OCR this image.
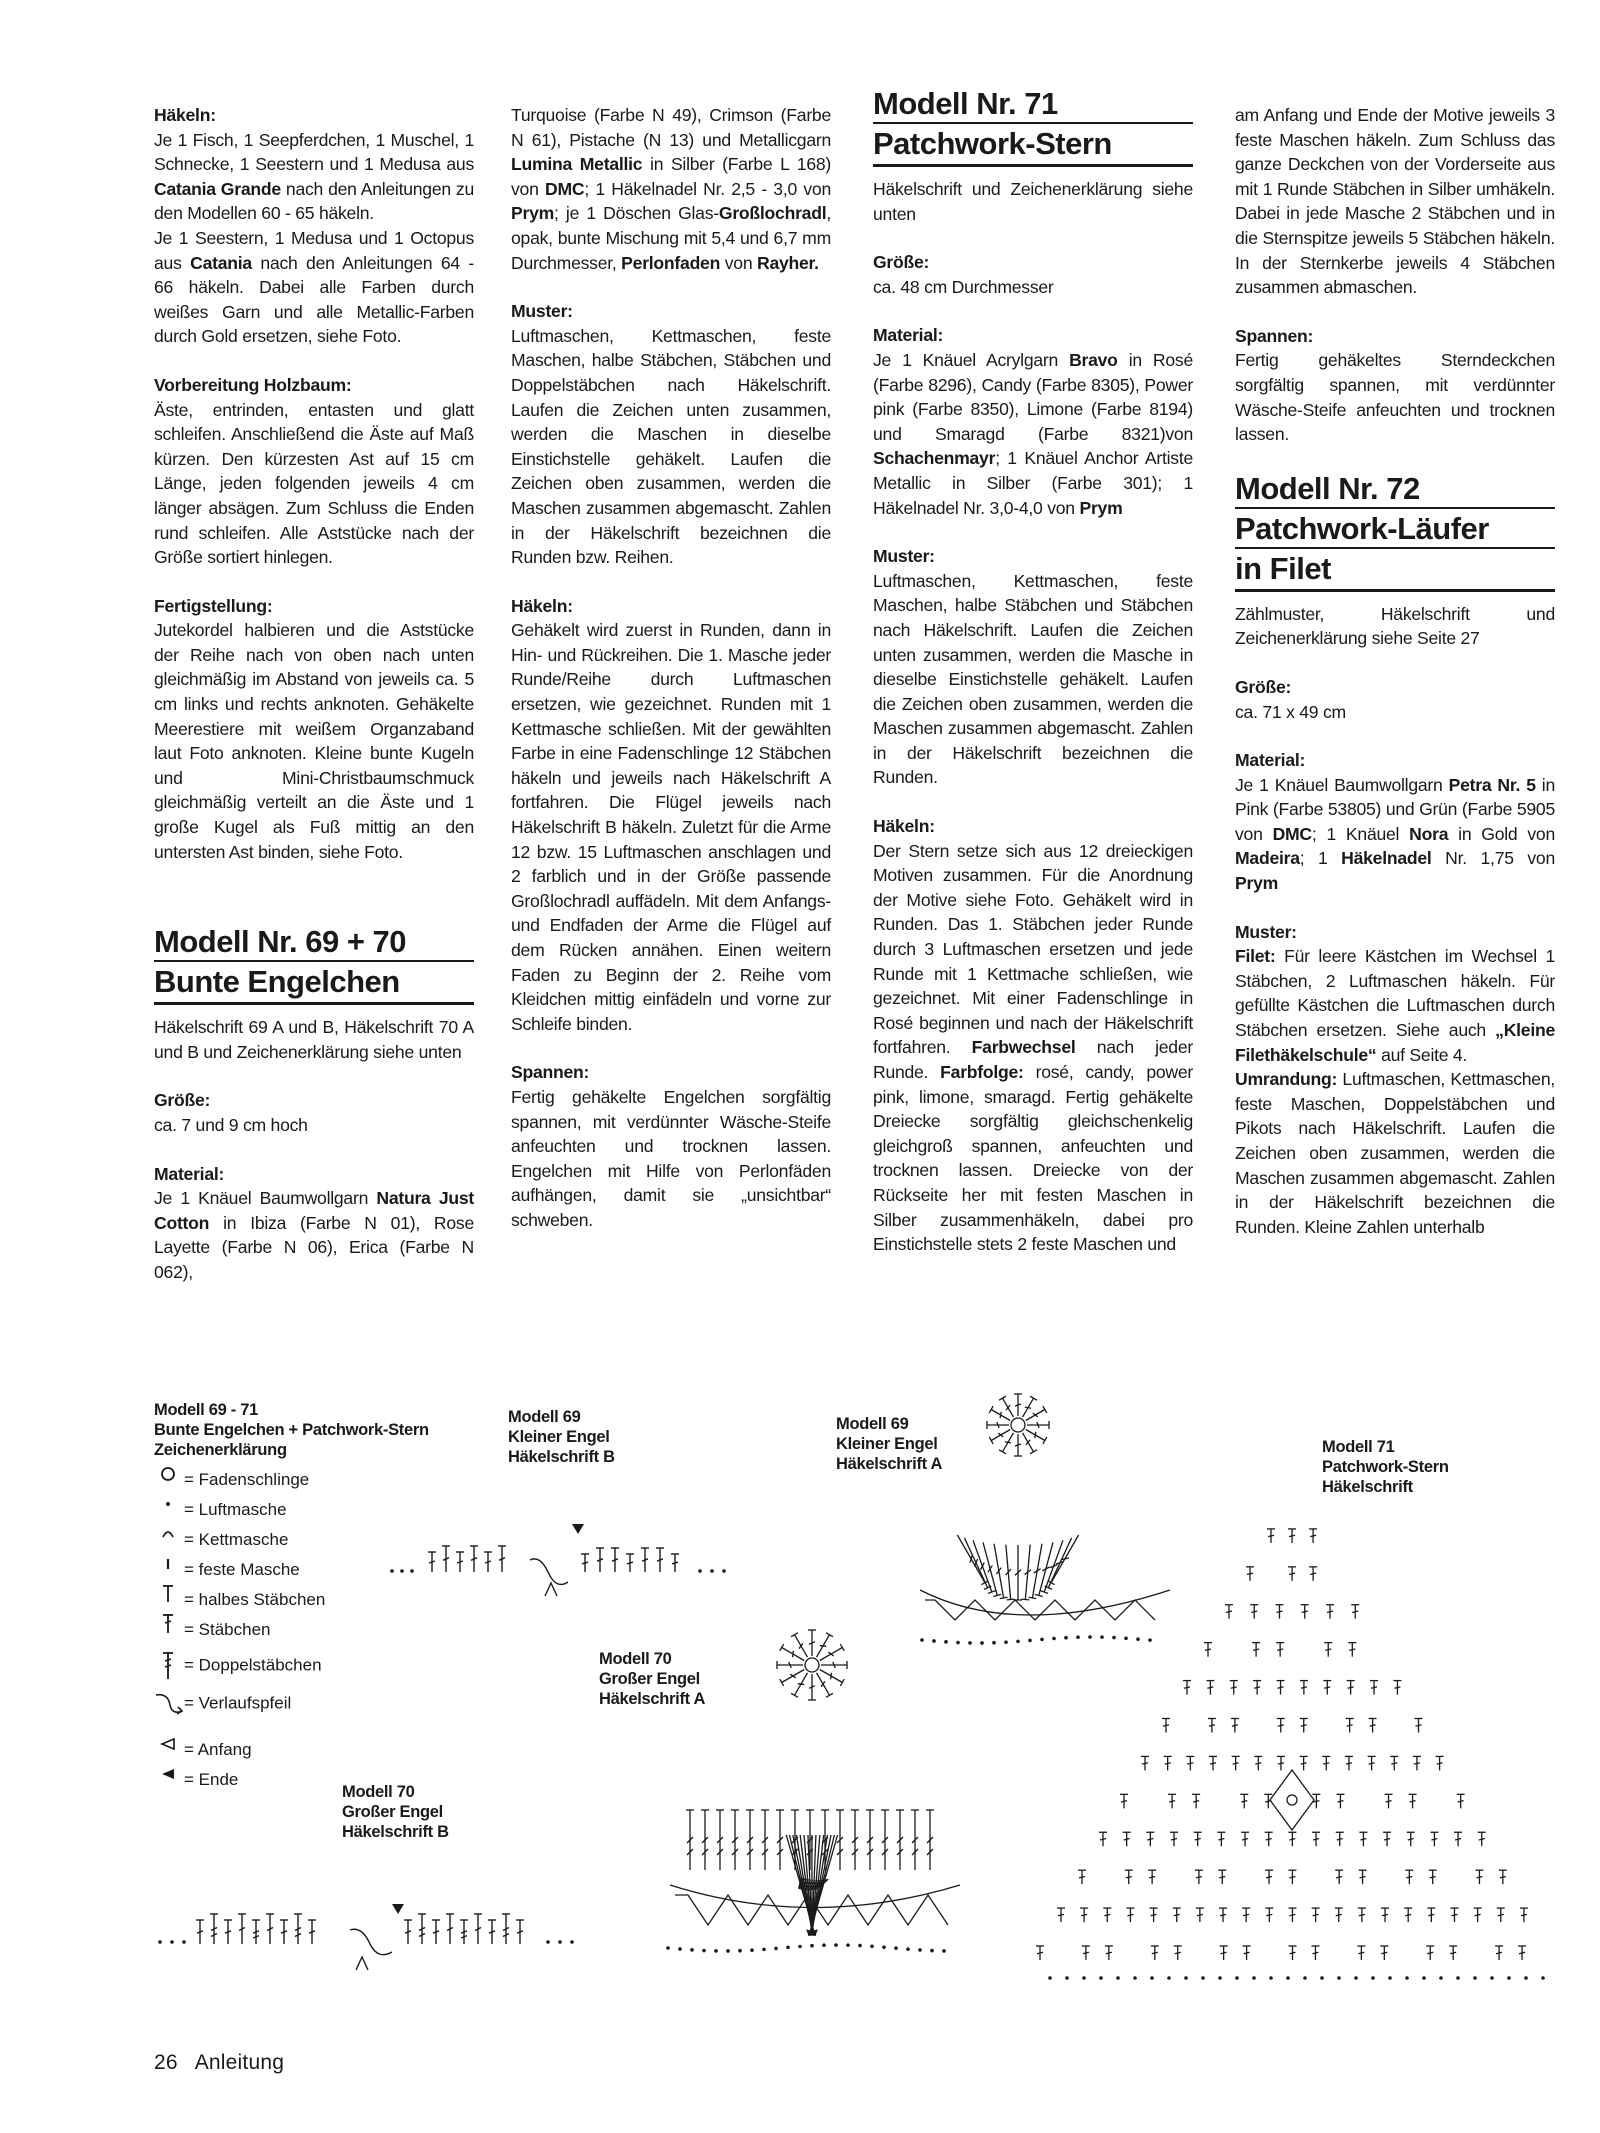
Häkeln:
Je 1 Fisch, 1 Seepferdchen, 1 Muschel, 1 Schnecke, 1 Seestern und 1 Medusa aus Catania Grande nach den Anleitungen zu den Modellen 60 - 65 häkeln.
Je 1 Seestern, 1 Medusa und 1 Octopus aus Catania nach den Anleitungen 64 - 66 häkeln. Dabei alle Farben durch weißes Garn und alle Metallic-Farben durch Gold ersetzen, siehe Foto.

Vorbereitung Holzbaum:
Äste, entrinden, entasten und glatt schleifen. Anschließend die Äste auf Maß kürzen. Den kürzesten Ast auf 15 cm Länge, jeden folgenden jeweils 4 cm länger absägen. Zum Schluss die Enden rund schleifen. Alle Aststücke nach der Größe sortiert hinlegen.

Fertigstellung:
Jutekordel halbieren und die Aststücke der Reihe nach von oben nach unten gleichmäßig im Abstand von jeweils ca. 5 cm links und rechts anknoten. Gehäkelte Meerestiere mit weißem Organzaband laut Foto anknoten. Kleine bunte Kugeln und Mini-Christbaumschmuck gleichmäßig verteilt an die Äste und 1 große Kugel als Fuß mittig an den untersten Ast binden, siehe Foto.

Modell Nr. 69 + 70
Bunte Engelchen

Häkelschrift 69 A und B, Häkelschrift 70 A und B und Zeichenerklärung siehe unten

Größe:
ca. 7 und 9 cm hoch

Material:
Je 1 Knäuel Baumwollgarn Natura Just Cotton in Ibiza (Farbe N 01), Rose Layette (Farbe N 06), Erica (Farbe N 062),

Turquoise (Farbe N 49), Crimson (Farbe N 61), Pistache (N 13) und Metallicgarn Lumina Metallic in Silber (Farbe L 168) von DMC; 1 Häkelnadel Nr. 2,5 - 3,0 von Prym; je 1 Döschen Glas-Großlochradl, opak, bunte Mischung mit 5,4 und 6,7 mm Durchmesser, Perlonfaden von Rayher.

Muster:
Luftmaschen, Kettmaschen, feste Maschen, halbe Stäbchen, Stäbchen und Doppelstäbchen nach Häkelschrift. Laufen die Zeichen unten zusammen, werden die Maschen in dieselbe Einstichstelle gehäkelt. Laufen die Zeichen oben zusammen, werden die Maschen zusammen abgemascht. Zahlen in der Häkelschrift bezeichnen die Runden bzw. Reihen.

Häkeln:
Gehäkelt wird zuerst in Runden, dann in Hin- und Rückreihen. Die 1. Masche jeder Runde/Reihe durch Luftmaschen ersetzen, wie gezeichnet. Runden mit 1 Kettmasche schließen. Mit der gewählten Farbe in eine Fadenschlinge 12 Stäbchen häkeln und jeweils nach Häkelschrift A fortfahren. Die Flügel jeweils nach Häkelschrift B häkeln. Zuletzt für die Arme 12 bzw. 15 Luftmaschen anschlagen und 2 farblich und in der Größe passende Großlochradl auffädeln. Mit dem Anfangs- und Endfaden der Arme die Flügel auf dem Rücken annähen. Einen weitern Faden zu Beginn der 2. Reihe vom Kleidchen mittig einfädeln und vorne zur Schleife binden.

Spannen:
Fertig gehäkelte Engelchen sorgfältig spannen, mit verdünnter Wäsche-Steife anfeuchten und trocknen lassen. Engelchen mit Hilfe von Perlonfäden aufhängen, damit sie „unsichtbar“ schweben.

Modell Nr. 71
Patchwork-Stern

Häkelschrift und Zeichenerklärung siehe unten

Größe:
ca. 48 cm Durchmesser

Material:
Je 1 Knäuel Acrylgarn Bravo in Rosé (Farbe 8296), Candy (Farbe 8305), Power pink (Farbe 8350), Limone (Farbe 8194) und Smaragd (Farbe 8321)von Schachenmayr; 1 Knäuel Anchor Artiste Metallic in Silber (Farbe 301); 1 Häkelnadel Nr. 3,0-4,0 von Prym

Muster:
Luftmaschen, Kettmaschen, feste Maschen, halbe Stäbchen und Stäbchen nach Häkelschrift. Laufen die Zeichen unten zusammen, werden die Masche in dieselbe Einstichstelle gehäkelt. Laufen die Zeichen oben zusammen, werden die Maschen zusammen abgemascht. Zahlen in der Häkelschrift bezeichnen die Runden.

Häkeln:
Der Stern setze sich aus 12 dreieckigen Motiven zusammen. Für die Anordnung der Motive siehe Foto. Gehäkelt wird in Runden. Das 1. Stäbchen jeder Runde durch 3 Luftmaschen ersetzen und jede Runde mit 1 Kettmache schließen, wie gezeichnet. Mit einer Fadenschlinge in Rosé beginnen und nach der Häkelschrift fortfahren. Farbwechsel nach jeder Runde. Farbfolge: rosé, candy, power pink, limone, smaragd. Fertig gehäkelte Dreiecke sorgfältig gleichschenkelig gleichgroß spannen, anfeuchten und trocknen lassen. Dreiecke von der Rückseite her mit festen Maschen in Silber zusammenhäkeln, dabei pro Einstichstelle stets 2 feste Maschen und

am Anfang und Ende der Motive jeweils 3 feste Maschen häkeln. Zum Schluss das ganze Deckchen von der Vorderseite aus mit 1 Runde Stäbchen in Silber umhäkeln. Dabei in jede Masche 2 Stäbchen und in die Sternspitze jeweils 5 Stäbchen häkeln. In der Sternkerbe jeweils 4 Stäbchen zusammen abmaschen.

Spannen:
Fertig gehäkeltes Sterndeckchen sorgfältig spannen, mit verdünnter Wäsche-Steife anfeuchten und trocknen lassen.

Modell Nr. 72
Patchwork-Läufer
in Filet

Zählmuster, Häkelschrift und Zeichenerklärung siehe Seite 27

Größe:
ca. 71 x 49 cm

Material:
Je 1 Knäuel Baumwollgarn Petra Nr. 5 in Pink (Farbe 53805) und Grün (Farbe 5905 von DMC; 1 Knäuel Nora in Gold von Madeira; 1 Häkelnadel Nr. 1,75 von Prym

Muster:
Filet: Für leere Kästchen im Wechsel 1 Stäbchen, 2 Luftmaschen häkeln. Für gefüllte Kästchen die Luftmaschen durch Stäbchen ersetzen. Siehe auch „Kleine Filethäkelschule“ auf Seite 4.
Umrandung: Luftmaschen, Kettmaschen, feste Maschen, Doppelstäbchen und Pikots nach Häkelschrift. Laufen die Zeichen oben zusammen, werden die Maschen zusammen abgemascht. Zahlen in der Häkelschrift bezeichnen die Runden. Kleine Zahlen unterhalb

Modell 69 - 71
Bunte Engelchen + Patchwork-Stern
Zeichenerklärung
= Fadenschlinge
= Luftmasche
= Kettmasche
= feste Masche
= halbes Stäbchen
= Stäbchen
= Doppelstäbchen
= Verlaufspfeil
= Anfang
= Ende
Modell 69
Kleiner Engel
Häkelschrift B
Modell 69
Kleiner Engel
Häkelschrift A
Modell 71
Patchwork-Stern
Häkelschrift
Modell 70
Großer Engel
Häkelschrift A
Modell 70
Großer Engel
Häkelschrift B
26 Anleitung
